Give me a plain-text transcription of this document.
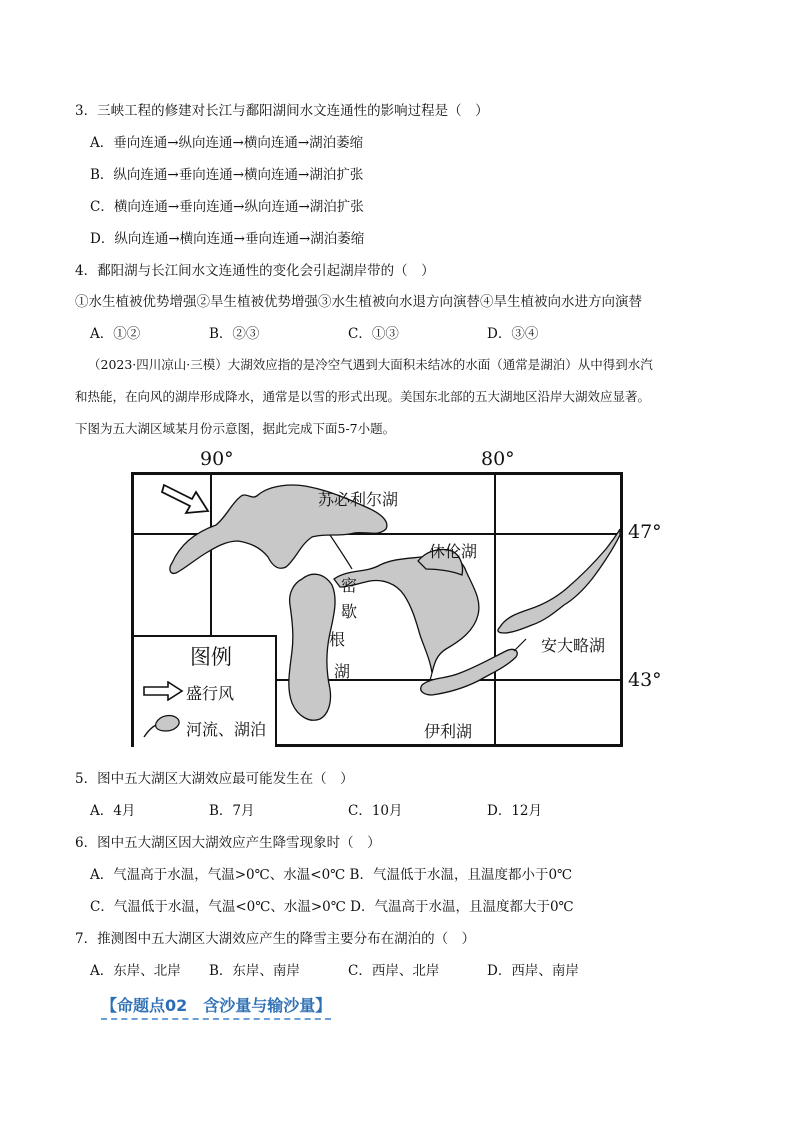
3．三峡工程的修建对长江与鄱阳湖间水文连通性的影响过程是（　）
A．垂向连通→纵向连通→横向连通→湖泊萎缩
B．纵向连通→垂向连通→横向连通→湖泊扩张
C．横向连通→垂向连通→纵向连通→湖泊扩张
D．纵向连通→横向连通→垂向连通→湖泊萎缩
4．鄱阳湖与长江间水文连通性的变化会引起湖岸带的（　）
①水生植被优势增强②旱生植被优势增强③水生植被向水退方向演替④旱生植被向水进方向演替
A．①②	B．②③	C．①③	D．③④
（2023·四川凉山·三模）大湖效应指的是冷空气遇到大面积未结冰的水面（通常是湖泊）从中得到水汽
和热能，在向风的湖岸形成降水，通常是以雪的形式出现。美国东北部的五大湖地区沿岸大湖效应显著。
下图为五大湖区域某月份示意图，据此完成下面5-7小题。
90°	80°
47°
43°
苏必利尔湖
休伦湖
密
歇
根
湖
安大略湖
伊利湖
图例
盛行风
河流、湖泊
5．图中五大湖区大湖效应最可能发生在（　）
A．4月	B．7月	C．10月	D．12月
6．图中五大湖区因大湖效应产生降雪现象时（　）
A．气温高于水温，气温>0℃、水温<0℃ B．气温低于水温，且温度都小于0℃
C．气温低于水温，气温<0℃、水温>0℃ D．气温高于水温，且温度都大于0℃
7．推测图中五大湖区大湖效应产生的降雪主要分布在湖泊的（　）
A．东岸、北岸 B．东岸、南岸	C．西岸、北岸	D．西岸、南岸
【命题点02　含沙量与输沙量】
